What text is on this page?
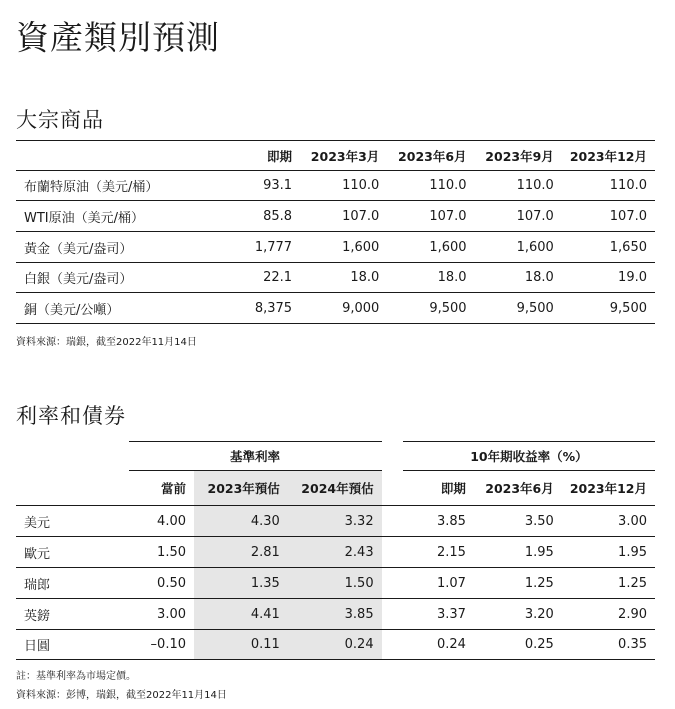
資產類別預測
大宗商品
	即期	2023年3月	2023年6月	2023年9月	2023年12月
布蘭特原油（美元/桶）	93.1	110.0	110.0	110.0	110.0
WTI原油（美元/桶）	85.8	107.0	107.0	107.0	107.0
黃金（美元/盎司）	1,777	1,600	1,600	1,600	1,650
白銀（美元/盎司）	22.1	18.0	18.0	18.0	19.0
銅（美元/公噸）	8,375	9,000	9,500	9,500	9,500
資料來源：瑞銀，截至2022年11月14日
利率和債券
	基準利率				10年期收益率（%）		
	當前	2023年預估	2024年預估		即期	2023年6月	2023年12月
美元	4.00	4.30	3.32		3.85	3.50	3.00
歐元	1.50	2.81	2.43		2.15	1.95	1.95
瑞郎	0.50	1.35	1.50		1.07	1.25	1.25
英鎊	3.00	4.41	3.85		3.37	3.20	2.90
日圓	–0.10	0.11	0.24		0.24	0.25	0.35
註：基準利率為市場定價。
資料來源：彭博，瑞銀，截至2022年11月14日
